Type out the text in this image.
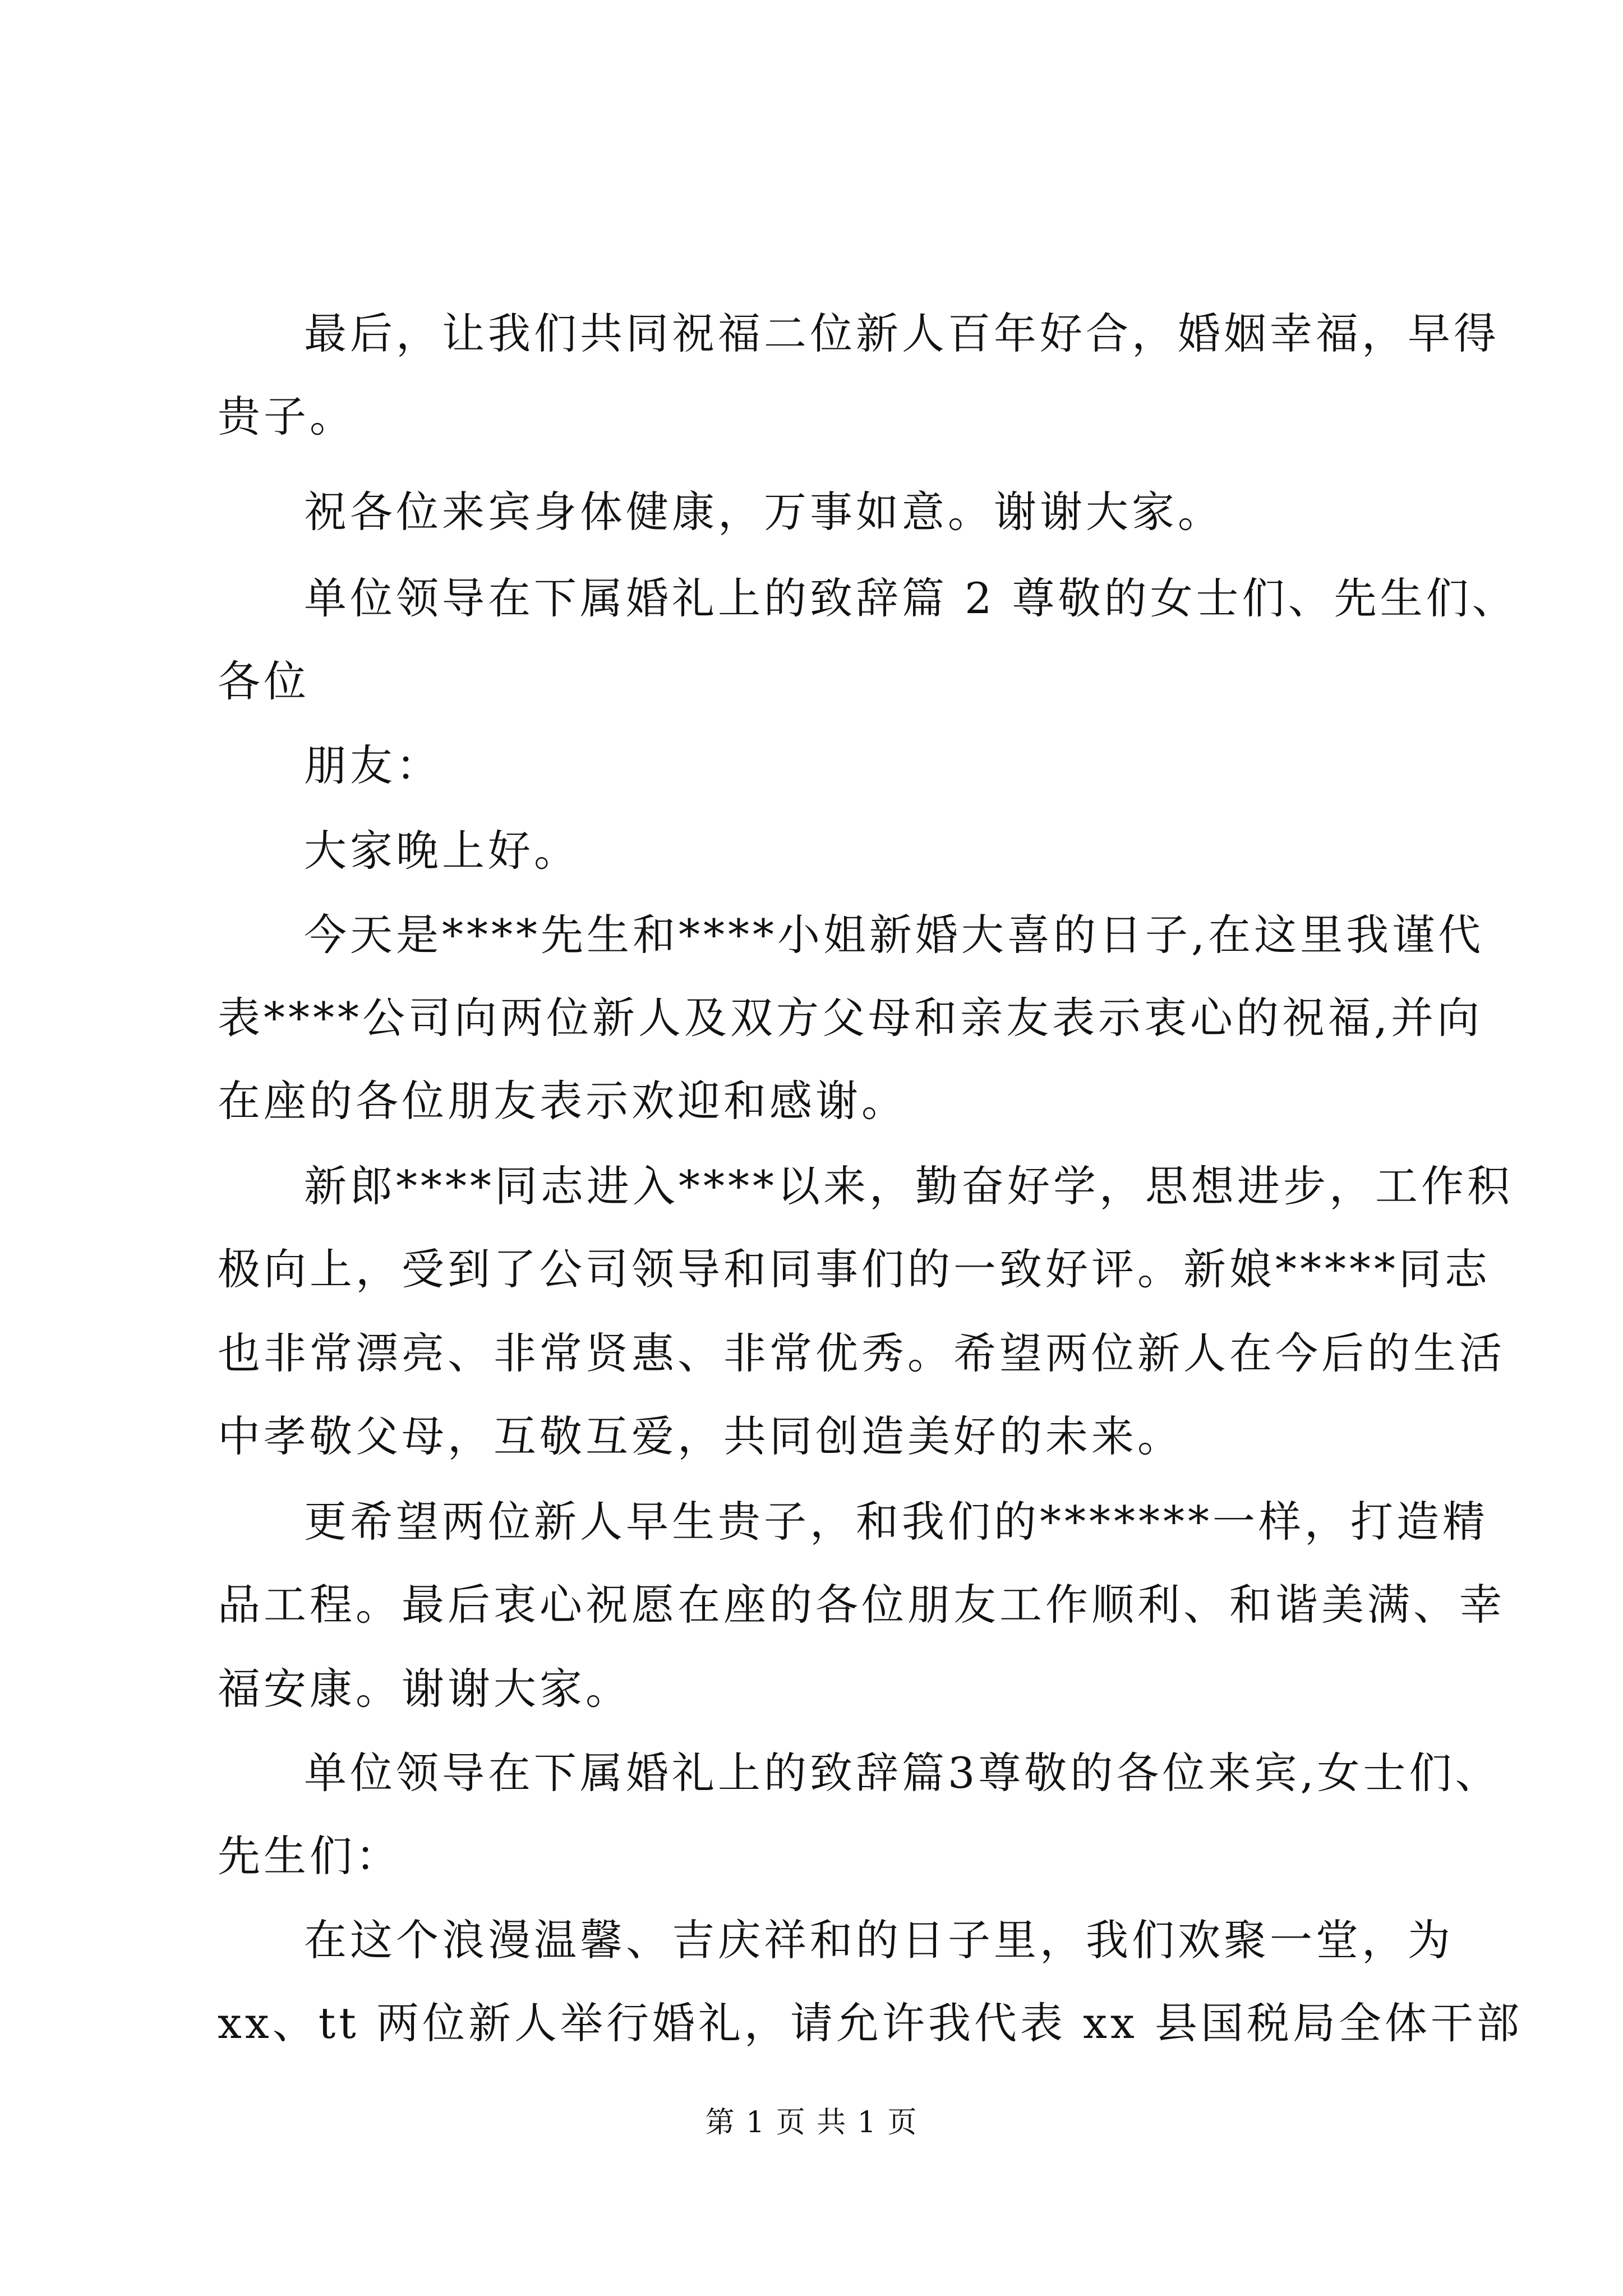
最后，让我们共同祝福二位新人百年好合，婚姻幸福，早得
贵子。
祝各位来宾身体健康，万事如意。谢谢大家。
单位领导在下属婚礼上的致辞篇 2 尊敬的女士们、先生们、
各位
朋友：
大家晚上好。
今天是****先生和****小姐新婚大喜的日子,在这里我谨代
表****公司向两位新人及双方父母和亲友表示衷心的祝福,并向
在座的各位朋友表示欢迎和感谢。
新郎****同志进入****以来，勤奋好学，思想进步，工作积
极向上，受到了公司领导和同事们的一致好评。新娘*****同志
也非常漂亮、非常贤惠、非常优秀。希望两位新人在今后的生活
中孝敬父母，互敬互爱，共同创造美好的未来。
更希望两位新人早生贵子，和我们的*******一样，打造精
品工程。最后衷心祝愿在座的各位朋友工作顺利、和谐美满、幸
福安康。谢谢大家。
单位领导在下属婚礼上的致辞篇3尊敬的各位来宾,女士们、
先生们：
在这个浪漫温馨、吉庆祥和的日子里，我们欢聚一堂，为
xx、tt 两位新人举行婚礼，请允许我代表 xx 县国税局全体干部
第 1 页 共 1 页
